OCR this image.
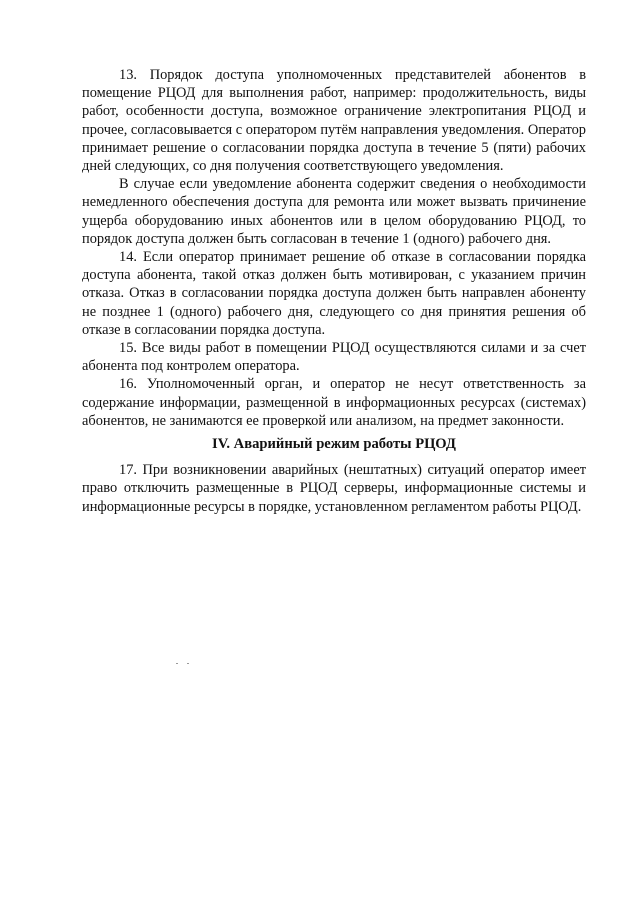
13. Порядок доступа уполномоченных представителей абонентов в помещение РЦОД для выполнения работ, например: продолжительность, виды работ, особенности доступа, возможное ограничение электропитания РЦОД и прочее, согласовывается с оператором путём направления уведомления. Оператор принимает решение о согласовании порядка доступа в течение 5 (пяти) рабочих дней следующих, со дня получения соответствующего уведомления.

В случае если уведомление абонента содержит сведения о необходимости немедленного обеспечения доступа для ремонта или может вызвать причинение ущерба оборудованию иных абонентов или в целом оборудованию РЦОД, то порядок доступа должен быть согласован в течение 1 (одного) рабочего дня.

14. Если оператор принимает решение об отказе в согласовании порядка доступа абонента, такой отказ должен быть мотивирован, с указанием причин отказа. Отказ в согласовании порядка доступа должен быть направлен абоненту не позднее 1 (одного) рабочего дня, следующего со дня принятия решения об отказе в согласовании порядка доступа.

15. Все виды работ в помещении РЦОД осуществляются силами и за счет абонента под контролем оператора.

16. Уполномоченный орган, и оператор не несут ответственность за содержание информации, размещенной в информационных ресурсах (системах) абонентов, не занимаются ее проверкой или анализом, на предмет законности.

IV. Аварийный режим работы РЦОД

17. При возникновении аварийных (нештатных) ситуаций оператор имеет право отключить размещенные в РЦОД серверы, информационные системы и информационные ресурсы в порядке, установленном регламентом работы РЦОД.
